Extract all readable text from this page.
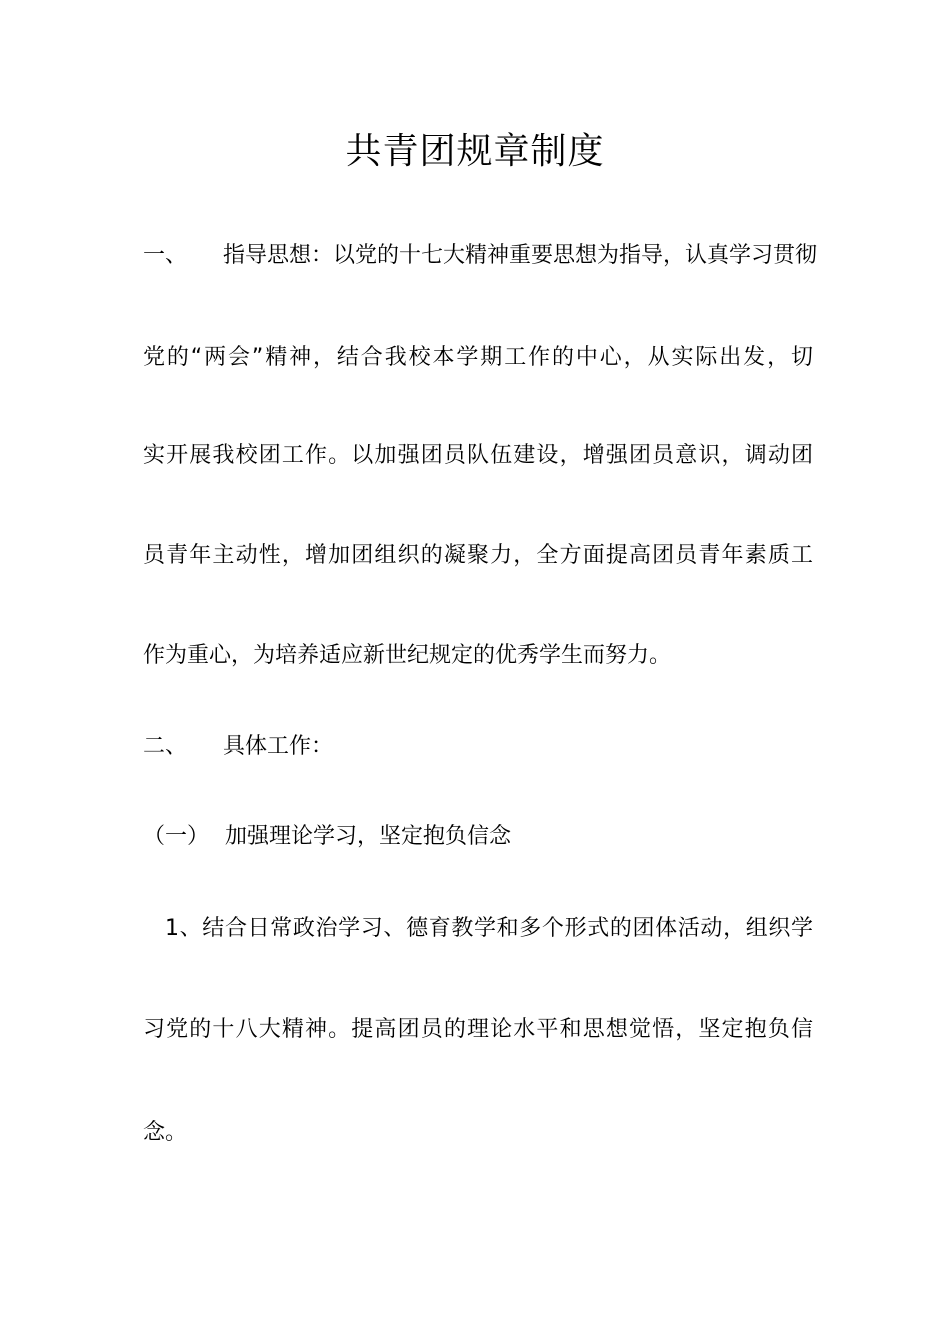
共青团规章制度
一、 指导思想：以党的十七大精神重要思想为指导，认真学习贯彻

党的“两会”精神，结合我校本学期工作的中心，从实际出发，切

实开展我校团工作。以加强团员队伍建设，增强团员意识，调动团

员青年主动性，增加团组织的凝聚力，全方面提高团员青年素质工

作为重心，为培养适应新世纪规定的优秀学生而努力。

二、 具体工作：
（一） 加强理论学习，坚定抱负信念
1、结合日常政治学习、德育教学和多个形式的团体活动，组织学

习党的十八大精神。提高团员的理论水平和思想觉悟，坚定抱负信

念。
